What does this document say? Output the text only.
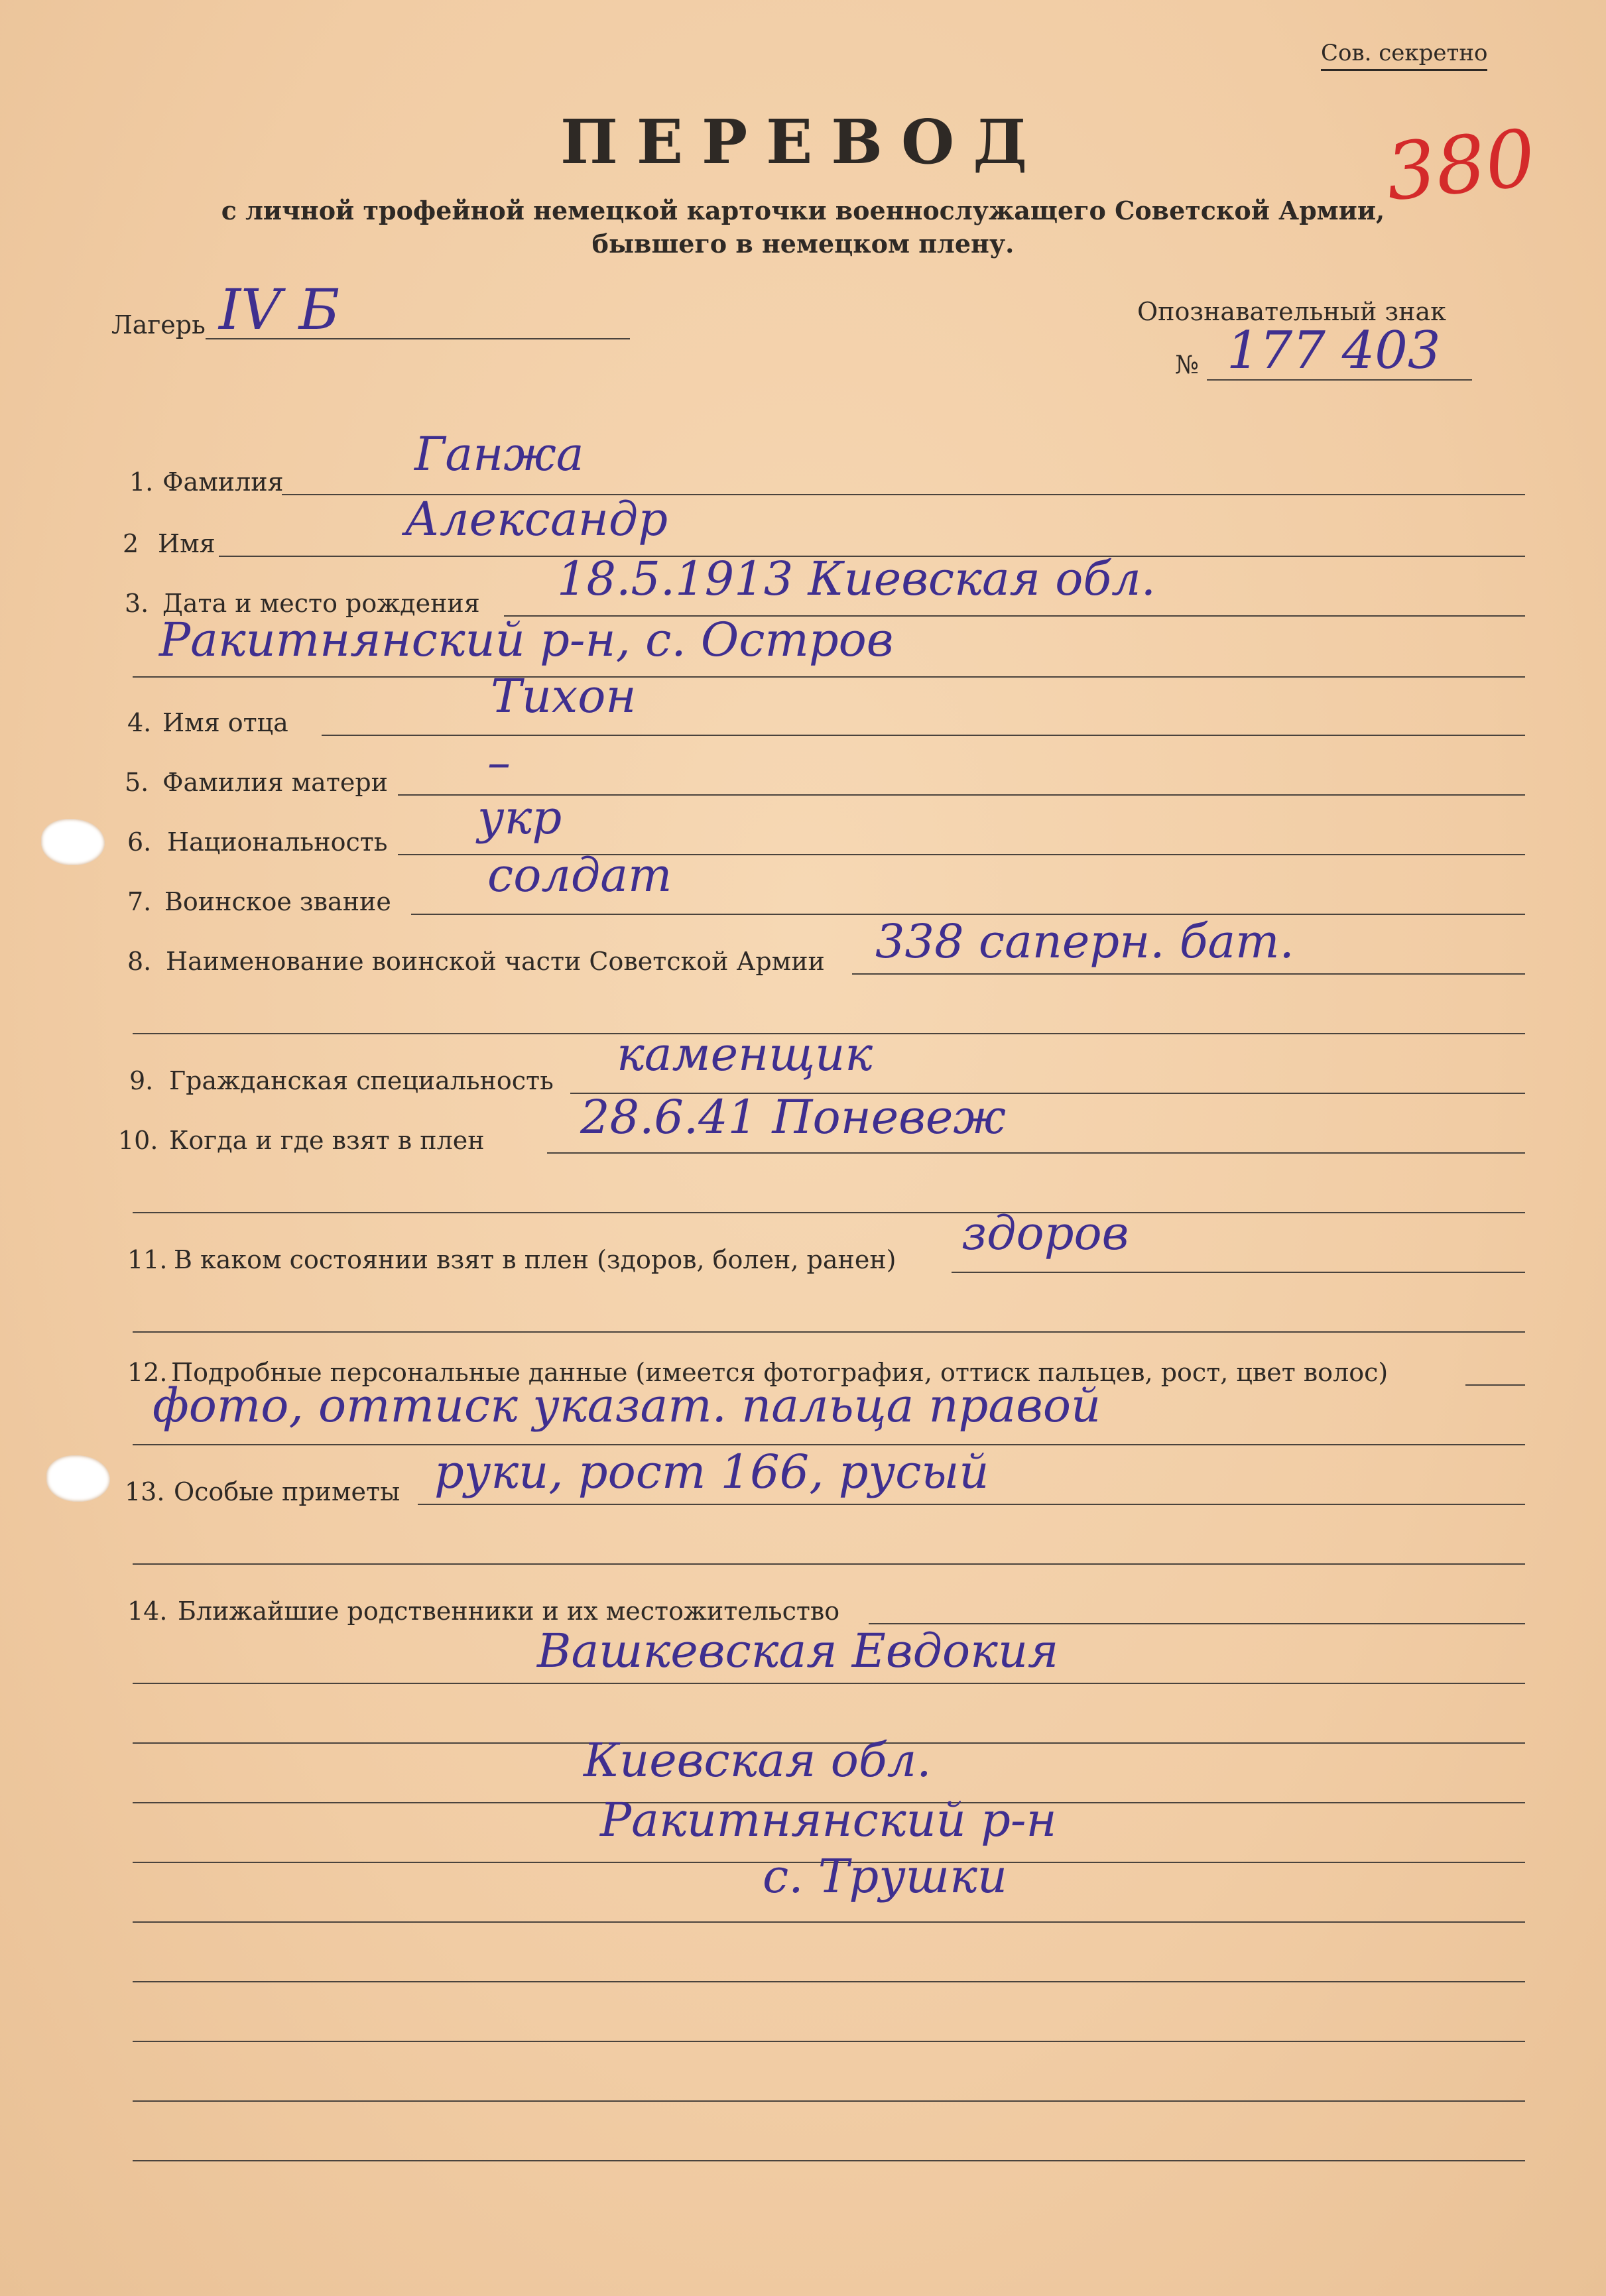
Сов. секретно
ПЕРЕВОД	380
с личной трофейной немецкой карточки военнослужащего Советской Армии,
бывшего в немецком плену.
Лагерь IV Б	Опознавательный знак
№ 177 403
1. Фамилия
Ганжа
2 Имя	Александр
3. Дата и место рождения 18.5.1913 Киевская обл.
Ракитнянский р-н, с. Остров
4. Имя отца	Тихон
5. Фамилия матери –
6. Национальность укр
7. Воинское звание солдат
8. Наименование воинской части Советской Армии 338 саперн. бат.
9. Гражданская специальность каменщик
10. Когда и где взят в плен 28.6.41 Поневеж
11. В каком состоянии взят в плен (здоров, болен, ранен) здоров
12. Подробные персональные данные (имеется фотография, оттиск пальцев, рост, цвет волос)
фото, оттиск указат. пальца правой
13. Особые приметы руки, рост 166, русый
14. Ближайшие родственники и их местожительство
Вашкевская Евдокия
Киевская обл.
Ракитнянский р-н
с. Трушки
